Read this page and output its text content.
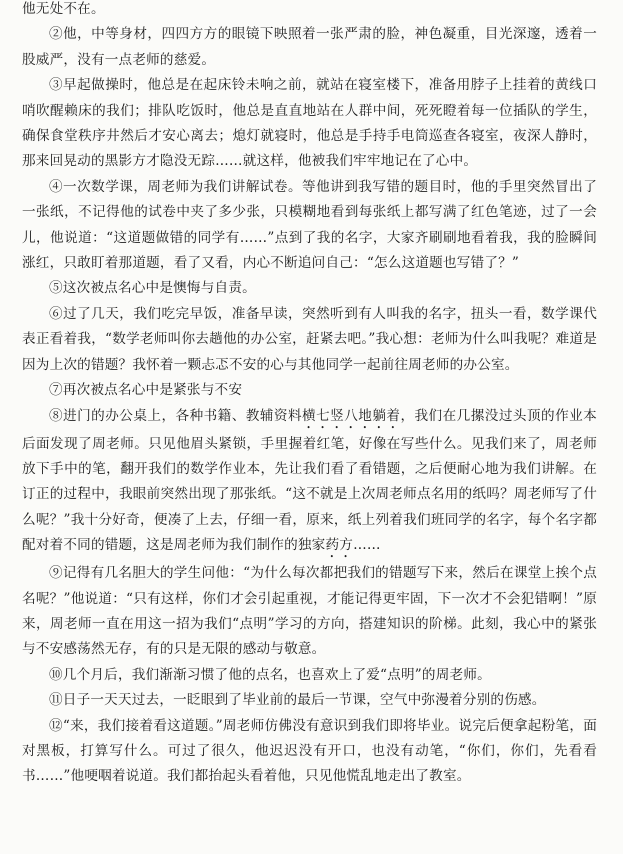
他无处不在。

②他，中等身材，四四方方的眼镜下映照着一张严肃的脸，神色凝重，目光深邃，透着一股威严，没有一点老师的慈爱。

③早起做操时，他总是在起床铃未响之前，就站在寝室楼下，准备用脖子上挂着的黄线口哨吹醒赖床的我们；排队吃饭时，他总是直直地站在人群中间，死死瞪着每一位插队的学生，确保食堂秩序井然后才安心离去；熄灯就寝时，他总是手持手电筒巡查各寝室，夜深人静时，那来回晃动的黑影方才隐没无踪……就这样，他被我们牢牢地记在了心中。

④一次数学课，周老师为我们讲解试卷。等他讲到我写错的题目时，他的手里突然冒出了一张纸，不记得他的试卷中夹了多少张，只模糊地看到每张纸上都写满了红色笔迹，过了一会儿，他说道：“这道题做错的同学有……”点到了我的名字，大家齐刷刷地看着我，我的脸瞬间涨红，只敢盯着那道题，看了又看，内心不断追问自己：“怎么这道题也写错了？”

⑤这次被点名心中是懊悔与自责。

⑥过了几天，我们吃完早饭，准备早读，突然听到有人叫我的名字，扭头一看，数学课代表正看着我，“数学老师叫你去趟他的办公室，赶紧去吧。”我心想：老师为什么叫我呢？难道是因为上次的错题？我怀着一颗忐忑不安的心与其他同学一起前往周老师的办公室。

⑦再次被点名心中是紧张与不安

⑧进门的办公桌上，各种书籍、教辅资料横七竖八地躺着，我们在几摞没过头顶的作业本后面发现了周老师。只见他眉头紧锁，手里握着红笔，好像在写些什么。见我们来了，周老师放下手中的笔，翻开我们的数学作业本，先让我们看了看错题，之后便耐心地为我们讲解。在订正的过程中，我眼前突然出现了那张纸。“这不就是上次周老师点名用的纸吗？周老师写了什么呢？”我十分好奇，便凑了上去，仔细一看，原来，纸上列着我们班同学的名字，每个名字都配对着不同的错题，这是周老师为我们制作的独家药方……

⑨记得有几名胆大的学生问他：“为什么每次都把我们的错题写下来，然后在课堂上挨个点名呢？”他说道：“只有这样，你们才会引起重视，才能记得更牢固，下一次才不会犯错啊！”原来，周老师一直在用这一招为我们“点明”学习的方向，搭建知识的阶梯。此刻，我心中的紧张与不安感荡然无存，有的只是无限的感动与敬意。

⑩几个月后，我们渐渐习惯了他的点名，也喜欢上了爱“点明”的周老师。

⑪日子一天天过去，一眨眼到了毕业前的最后一节课，空气中弥漫着分别的伤感。

⑫“来，我们接着看这道题。”周老师仿佛没有意识到我们即将毕业。说完后便拿起粉笔，面对黑板，打算写什么。可过了很久，他迟迟没有开口，也没有动笔，“你们，你们，先看看书……”他哽咽着说道。我们都抬起头看着他，只见他慌乱地走出了教室。
